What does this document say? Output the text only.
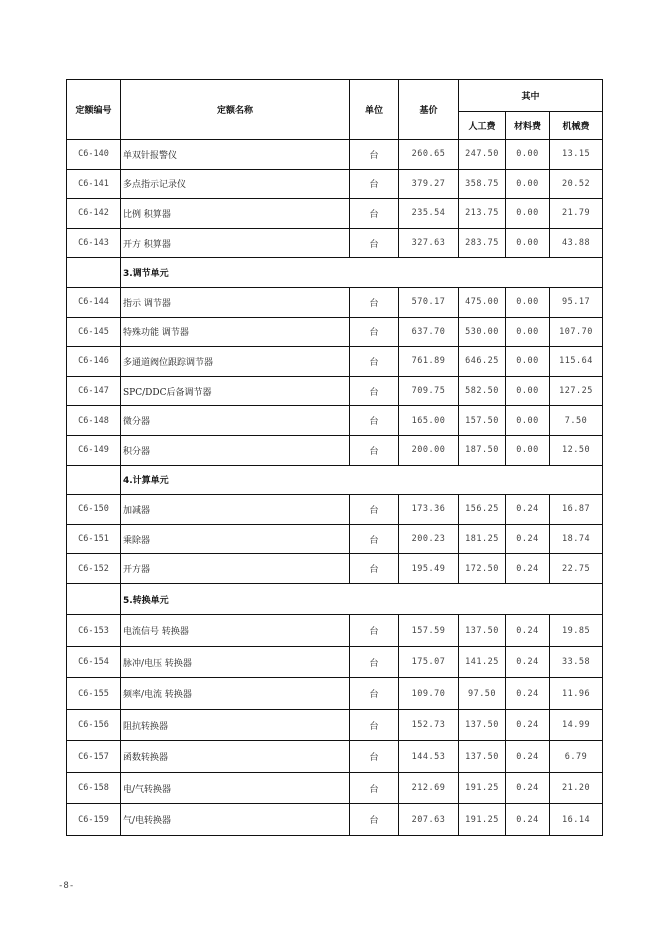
定额编号	定额名称	单位	基价	其中		
				人工费	材料费	机械费
C6-140	单双针报警仪	台	260.65	247.50	0.00	13.15
C6-141	多点指示记录仪	台	379.27	358.75	0.00	20.52
C6-142	比例 积算器	台	235.54	213.75	0.00	21.79
C6-143	开方 积算器	台	327.63	283.75	0.00	43.88
	3.调节单元					
C6-144	指示 调节器	台	570.17	475.00	0.00	95.17
C6-145	特殊功能 调节器	台	637.70	530.00	0.00	107.70
C6-146	多通道阀位跟踪调节器	台	761.89	646.25	0.00	115.64
C6-147	SPC/DDC后备调节器	台	709.75	582.50	0.00	127.25
C6-148	微分器	台	165.00	157.50	0.00	7.50
C6-149	积分器	台	200.00	187.50	0.00	12.50
	4.计算单元					
C6-150	加减器	台	173.36	156.25	0.24	16.87
C6-151	乘除器	台	200.23	181.25	0.24	18.74
C6-152	开方器	台	195.49	172.50	0.24	22.75
	5.转换单元					
C6-153	电流信号 转换器	台	157.59	137.50	0.24	19.85
C6-154	脉冲/电压 转换器	台	175.07	141.25	0.24	33.58
C6-155	频率/电流 转换器	台	109.70	97.50	0.24	11.96
C6-156	阻抗转换器	台	152.73	137.50	0.24	14.99
C6-157	函数转换器	台	144.53	137.50	0.24	6.79
C6-158	电/气转换器	台	212.69	191.25	0.24	21.20
C6-159	气/电转换器	台	207.63	191.25	0.24	16.14
-8-
